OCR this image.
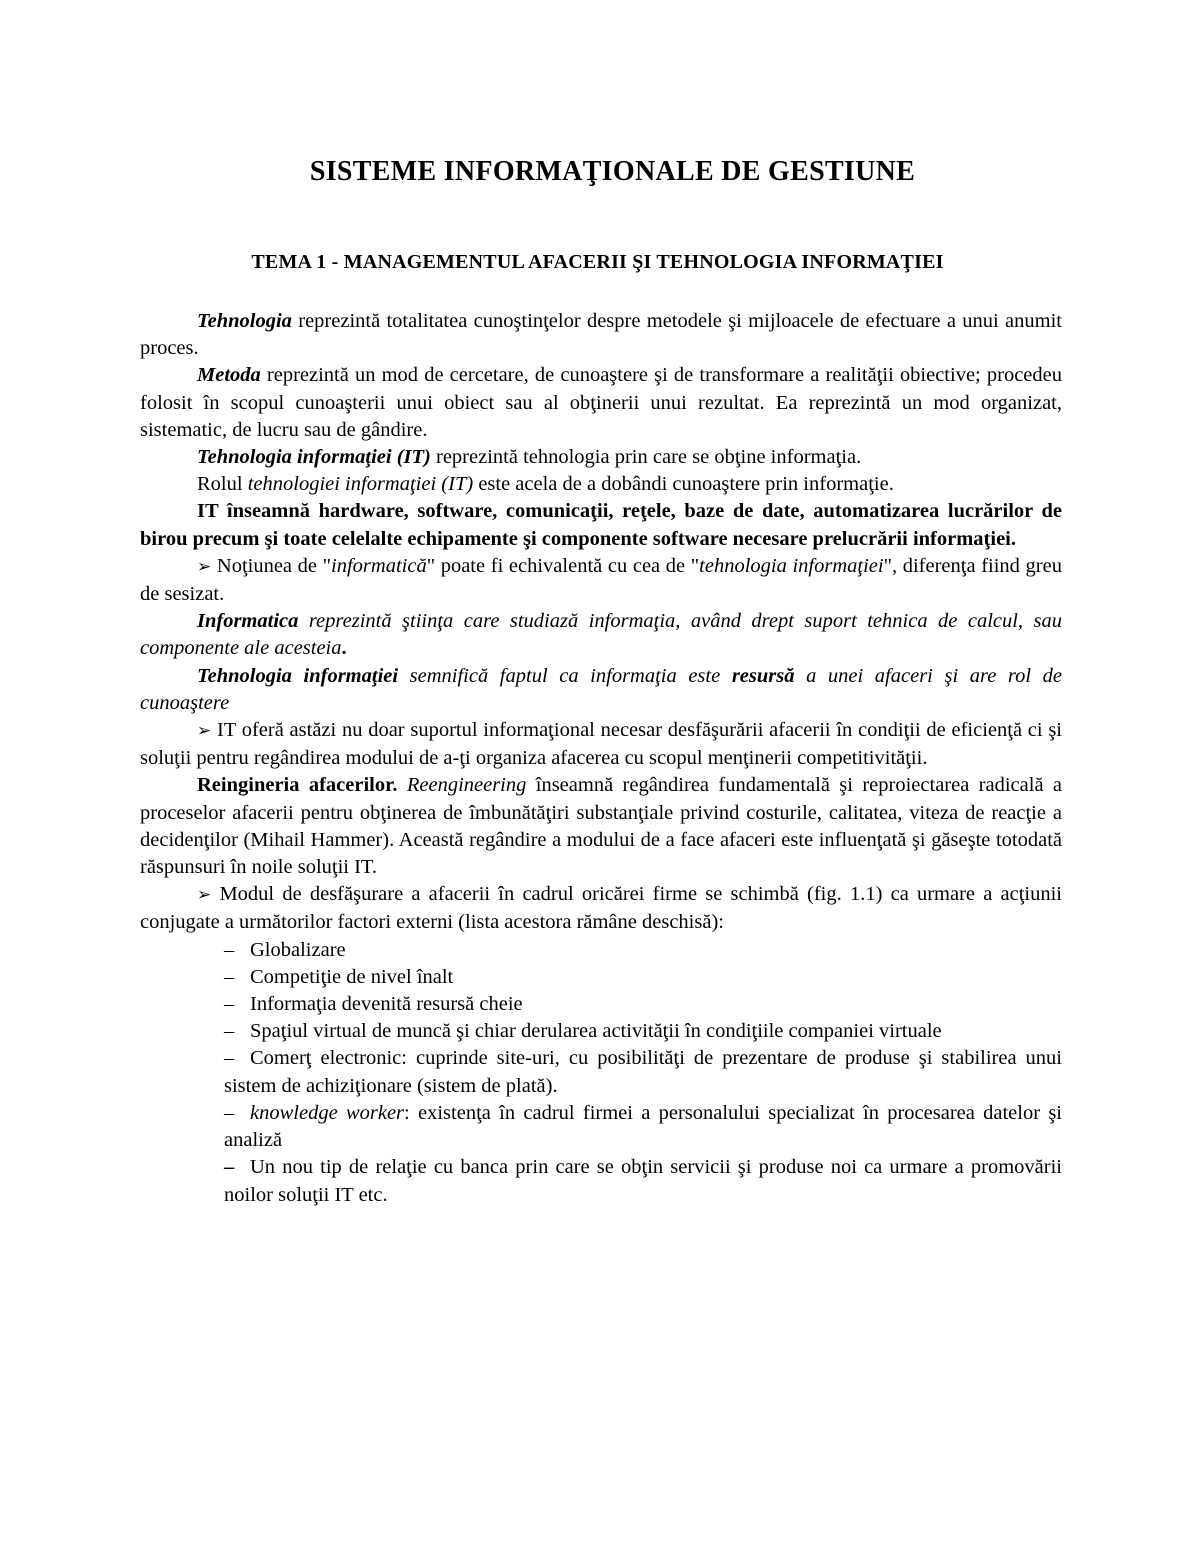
SISTEME INFORMAŢIONALE DE GESTIUNE
TEMA 1 - MANAGEMENTUL AFACERII ŞI TEHNOLOGIA INFORMAŢIEI

Tehnologia reprezintă totalitatea cunoştinţelor despre metodele şi mijloacele de efectuare a unui anumit proces.

Metoda reprezintă un mod de cercetare, de cunoaştere şi de transformare a realităţii obiective; procedeu folosit în scopul cunoaşterii unui obiect sau al obţinerii unui rezultat. Ea reprezintă un mod organizat, sistematic, de lucru sau de gândire.

Tehnologia informaţiei (IT) reprezintă tehnologia prin care se obţine informaţia.

Rolul tehnologiei informaţiei (IT) este acela de a dobândi cunoaştere prin informaţie.

IT înseamnă hardware, software, comunicaţii, reţele, baze de date, automatizarea lucrărilor de birou precum şi toate celelalte echipamente şi componente software necesare prelucrării informaţiei.

➢ Noţiunea de "informatică" poate fi echivalentă cu cea de "tehnologia informaţiei", diferenţa fiind greu de sesizat.

Informatica reprezintă ştiinţa care studiază informaţia, având drept suport tehnica de calcul, sau componente ale acesteia.

Tehnologia informaţiei semnifică faptul ca informaţia este resursă a unei afaceri şi are rol de cunoaştere

➢ IT oferă astăzi nu doar suportul informaţional necesar desfăşurării afacerii în condiţii de eficienţă ci şi soluţii pentru regândirea modului de a-ţi organiza afacerea cu scopul menţinerii competitivităţii.

Reingineria afacerilor. Reengineering înseamnă regândirea fundamentală şi reproiectarea radicală a proceselor afacerii pentru obţinerea de îmbunătăţiri substanţiale privind costurile, calitatea, viteza de reacţie a decidenţilor (Mihail Hammer). Această regândire a modului de a face afaceri este influenţată şi găseşte totodată răspunsuri în noile soluţii IT.

➢ Modul de desfăşurare a afacerii în cadrul oricărei firme se schimbă (fig. 1.1) ca urmare a acţiunii conjugate a următorilor factori externi (lista acestora rămâne deschisă):

– Globalizare
– Competiţie de nivel înalt
– Informaţia devenită resursă cheie
– Spaţiul virtual de muncă şi chiar derularea activităţii în condiţiile companiei virtuale
– Comerţ electronic: cuprinde site-uri, cu posibilităţi de prezentare de produse şi stabilirea unui sistem de achiziţionare (sistem de plată).
– knowledge worker: existenţa în cadrul firmei a personalului specializat în procesarea datelor şi analiză
– Un nou tip de relaţie cu banca prin care se obţin servicii şi produse noi ca urmare a promovării noilor soluţii IT etc.
